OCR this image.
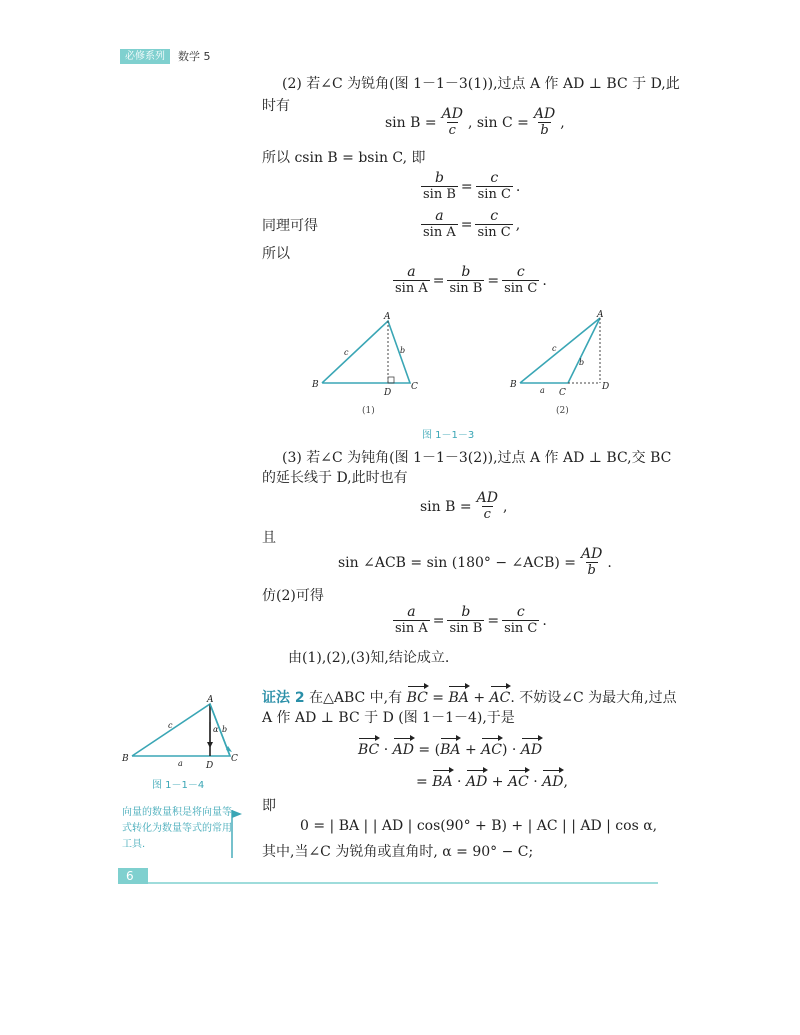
必修系列	数学 5
(2) 若∠C 为锐角(图 1－1－3(1)),过点 A 作 AD ⊥ BC 于 D,此
时有
$\sin B = \frac{AD}{c}$ , $\sin C = \frac{AD}{b}$ ,
所以 csin B = bsin C, 即
$\frac{b}{\text{sin B}} = \frac{c}{\text{sin C}}$ .
同理可得	$\frac{a}{\text{sin A}} = \frac{c}{\text{sin C}}$ ,
所以
$\frac{a}{\text{sin A}} = \frac{b}{\text{sin B}} = \frac{c}{\text{sin C}}$ .
A
B	C
D
c	b
(1)
A
B
C
D
c
b
a
(2)
图 1－1－3
(3) 若∠C 为钝角(图 1－1－3(2)),过点 A 作 AD ⊥ BC,交 BC
的延长线于 D,此时也有
$\sin B = \frac{AD}{c}$ ,
且
sin ∠ACB = sin (180° − ∠ACB) = $\frac{AD}{b}$ .
仿(2)可得
$\frac{a}{\text{sin A}} = \frac{b}{\text{sin B}} = \frac{c}{\text{sin C}}$ .
由(1),(2),(3)知,结论成立.
证法 2 在△ABC 中,有 BC = BA + AC. 不妨设∠C 为最大角,过点
A 作 AD ⊥ BC 于 D (图 1－1－4),于是
BC · AD = (BA + AC) · AD
= BA · AD + AC · AD,
即
0 = | BA | | AD | cos(90° + B) + | AC | | AD | cos α,
其中,当∠C 为锐角或直角时, α = 90° − C;
A
B	C
D
c	b
a
α
图 1－1－4
向量的数量积是将向量等式转化为数量等式的常用工具.
6
